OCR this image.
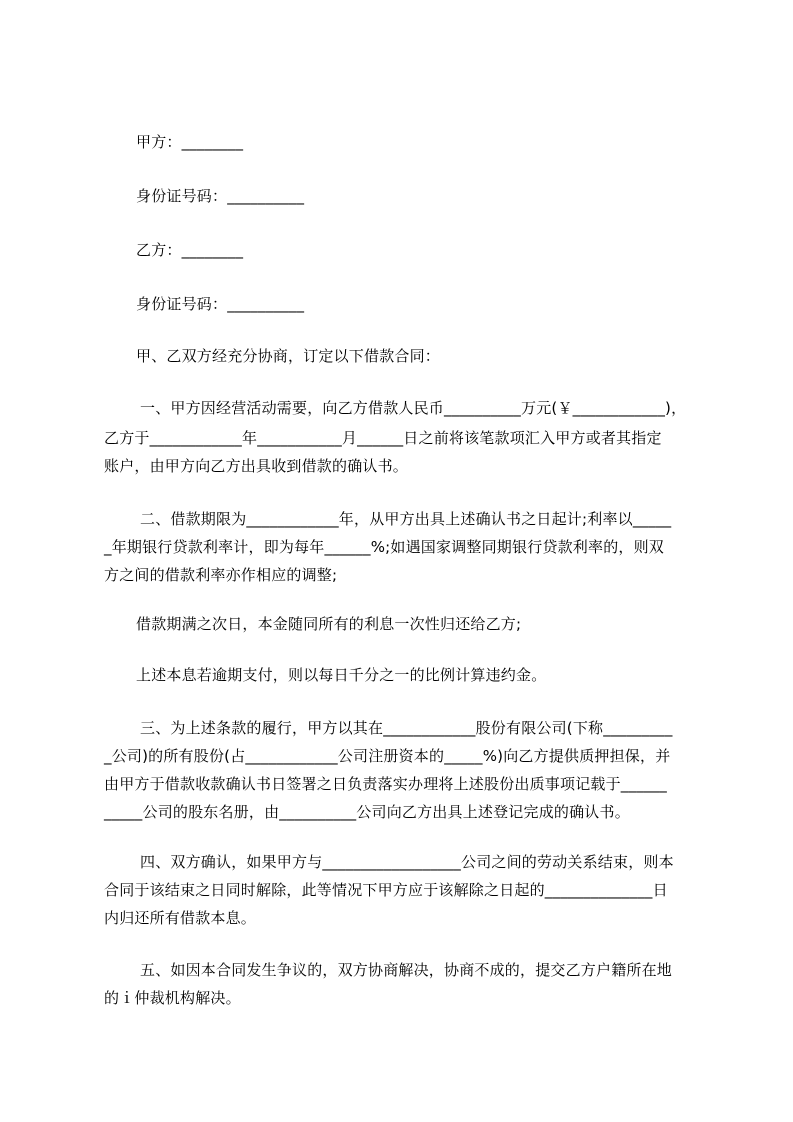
甲方：________
身份证号码：__________
乙方：________
身份证号码：__________
甲、乙双方经充分协商，订定以下借款合同：
一、甲方因经营活动需要，向乙方借款人民币__________万元(￥____________)，
乙方于____________年___________月______日之前将该笔款项汇入甲方或者其指定
账户，由甲方向乙方出具收到借款的确认书。
二、借款期限为____________年，从甲方出具上述确认书之日起计;利率以_____
_年期银行贷款利率计，即为每年______%;如遇国家调整同期银行贷款利率的，则双
方之间的借款利率亦作相应的调整;
借款期满之次日，本金随同所有的利息一次性归还给乙方;
上述本息若逾期支付，则以每日千分之一的比例计算违约金。
三、为上述条款的履行，甲方以其在____________股份有限公司(下称_________
_公司)的所有股份(占____________公司注册资本的_____%)向乙方提供质押担保，并
由甲方于借款收款确认书日签署之日负责落实办理将上述股份出质事项记载于______
_____公司的股东名册，由__________公司向乙方出具上述登记完成的确认书。
四、双方确认，如果甲方与__________________公司之间的劳动关系结束，则本
合同于该结束之日同时解除，此等情况下甲方应于该解除之日起的______________日
内归还所有借款本息。
五、如因本合同发生争议的，双方协商解决，协商不成的，提交乙方户籍所在地
的ｉ仲裁机构解决。
